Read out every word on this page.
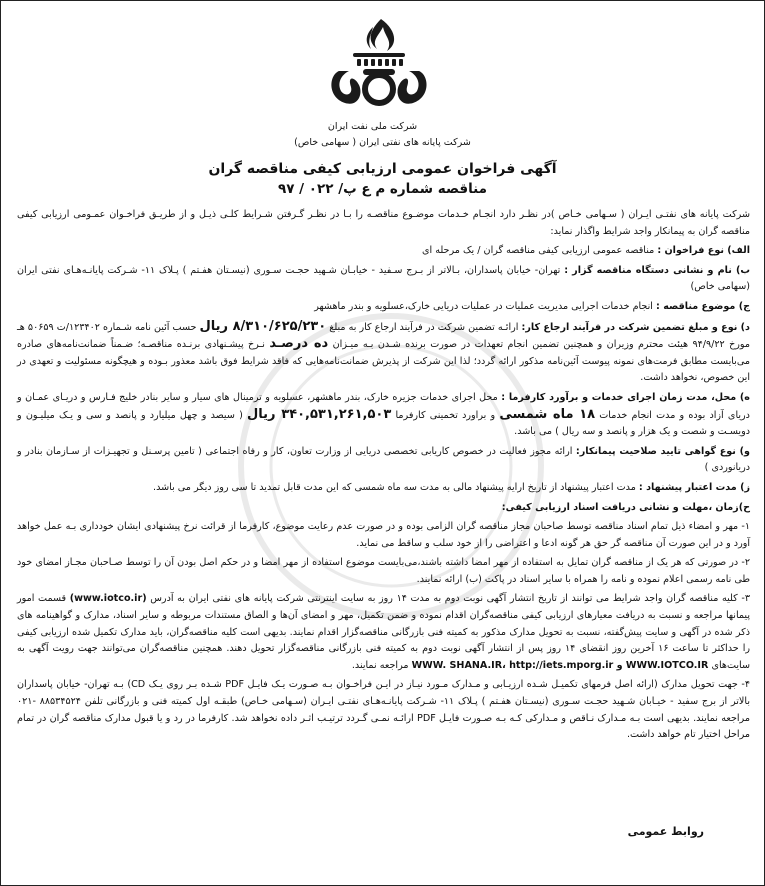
شرکت ملی نفت ایران
شرکت پایانه های نفتی ایران ( سهامی خاص)
آگهی فراخوان عمومی ارزیابی کیفی مناقصه گران
مناقصه شماره م ع پ/ ۰۲۲ / ۹۷

شرکت پایانه های نفتـی ایـران ( سـهامی خـاص )در نظـر دارد انجـام خـدمات موضـوع مناقصـه را بـا در نظـر گـرفتن شـرایط کلـی ذیـل و از طریـق فراخـوان عمـومی ارزیابی کیفی مناقصه گران به پیمانکار واجد شرایط واگذار نماید:

الف) نوع فراخوان : مناقصه عمومی ارزیابی کیفی مناقصه گران / یک مرحله ای

ب) نام و نشانی دستگاه مناقصه گزار : تهران- خیابان پاسداران، بـالاتر از بـرج سـفید - خیابـان شـهید حجـت سـوری (نیسـتان هفـتم ) پـلاک ۱۱- شـرکت پایانـه‌هـای نفتی ایران (سهامی خاص)

ج) موضوع مناقصه : انجام خدمات اجرایی مدیریت عملیات در عملیات دریایی خارک،عسلویه و بندر ماهشهر

د) نوع و مبلغ تضمین شرکت در فرآیند ارجاع کار: ارائـه تضمین شرکت در فرآیند ارجاع کار به مبلغ ۸/۳۱۰/۶۲۵/۲۳۰ ریال حسب آئین نامه شـماره ۱۲۳۴۰۲/ت ۵۰۶۵۹ هـ مورخ ۹۴/۹/۲۲ هیئت محترم وزیران و همچنین تضمین انجام تعهدات در صورت برنده شـدن بـه میـزان ده درصـد نـرخ پیشـنهادی برنـده مناقصـه؛ ضـمناً ضمانت‌نامه‌های صادره می‌بایست مطابق فرمت‌های نمونه پیوست آئین‌نامه مذکور ارائه گردد؛ لذا این شرکت از پذیرش ضمانت‌نامه‌هایی که فاقد شرایط فوق باشد معذور بـوده و هیچگونه مسئولیت و تعهدی در این خصوص، نخواهد داشت.

ه) محل، مدت زمان اجرای خدمات و برآورد کارفرما : محل اجرای خدمات جزیره خارک، بندر ماهشهر، عسلویه و ترمینال های سیار و سایر بنادر خلیج فـارس و دریـای عمـان و دریای آزاد بوده و مدت انجام خدمات ۱۸ ماه شمسی و براورد تخمینی کارفرما ۳۴۰,۵۳۱,۲۶۱,۵۰۳ ریال ( سیصد و چهل میلیارد و پانصد و سی و یـک میلیـون و دویسـت و شصت و یک هزار و پانصد و سه ریال ) می باشد.

و) نوع گواهی تایید صلاحیت پیمانکار: ارائه مجوز فعالیت در خصوص کاریابی تخصصی دریایی از وزارت تعاون، کار و رفاه اجتماعی ( تامین پرسـنل و تجهیـزات از سـازمان بنادر و دریانوردی )

ز) مدت اعتبار پیشنهاد : مدت اعتبار پیشنهاد از تاریخ ارایه پیشنهاد مالی به مدت سه ماه شمسی که این مدت قابل تمدید تا سی روز دیگر می باشد.

ح)زمان ،مهلت و نشانی دریافت اسناد ارزیابی کیفی:

۱- مهر و امضاء ذیل تمام اسناد مناقصه توسط صاحبان مجاز مناقصه گران الزامی بوده و در صورت عدم رعایت موضوع، کارفرما از قرائت نرخ پیشنهادی ایشان خودداری بـه عمل خواهد آورد و در این صورت آن مناقصه گر حق هر گونه ادعا و اعتراضی را از خود سلب و ساقط می نماید.

۲- در صورتی که هر یک از مناقصه گران تمایل به استفاده از مهر امضا داشته باشند،می‌بایست موضوع استفاده از مهر امضا و در حکم اصل بودن آن را توسط صـاحبان مجـاز امضای خود طی نامه رسمی اعلام نموده و نامه را همراه با سایر اسناد در پاکت (ب) ارائه نمایند.

۳- کلیه مناقصه گران واجد شرایط می توانند از تاریخ انتشار آگهی نوبت دوم به مدت ۱۴ روز به سایت اینترنتی شرکت پایانه های نفتی ایران به آدرس (www.iotco.ir) قسمت امور پیمانها مراجعه و نسبت به دریافت معیارهای ارزیابی کیفی مناقصه‌گران اقدام نموده و ضمن تکمیل، مهر و امضای آن‌ها و الصاق مستندات مربوطه و سایر اسناد، مدارک و گواهینامه های ذکر شده در آگهی و سایت پیش‌گفته، نسبت به تحویل مدارک مذکور به کمیته فنی بازرگانی مناقصه‌گزار اقدام نمایند. بدیهی است کلیه مناقصه‌گران، باید مدارک تکمیل شده ارزیابی کیفی را حداکثر تا ساعت ۱۶ آخرین روز انقضای ۱۴ روز پس از انتشار آگهی نوبت دوم به کمیته فنی بازرگانی مناقصه‌گزار تحویل دهند. همچنین مناقصه‌گران می‌توانند جهت رویت آگهی به سایت‌های WWW. SHANA.IR، http://iets.mporg.ir و WWW.IOTCO.IR مراجعه نمایند.

۴- جهت تحویل مدارک (ارائه اصل فرمهای تکمیـل شـده ارزیـابی و مـدارک مـورد نیـاز در ایـن فراخـوان بـه صـورت یـک فایـل PDF شـده بـر روی یـک CD) بـه تهران- خیابان پاسداران بالاتر از برج سفید - خیـابان شـهید حجـت سـوری (نیسـتان هفـتم ) پـلاک ۱۱- شـرکت پایانـه‌هـای نفتـی ایـران (سـهامی خـاص) طبقـه اول کمیته فنی و بازرگانی تلفن ۸۸۵۳۴۵۲۴ -۰۲۱ مراجعه نمایند. بدیهی است بـه مـدارک نـاقص و مـدارکی کـه بـه صـورت فایـل PDF ارائـه نمـی گـردد ترتیـب اثـر داده نخواهد شد. کارفرما در رد و یا قبول مدارک مناقصه گران در تمام مراحل اختیار تام خواهد داشت.

روابط عمومی
